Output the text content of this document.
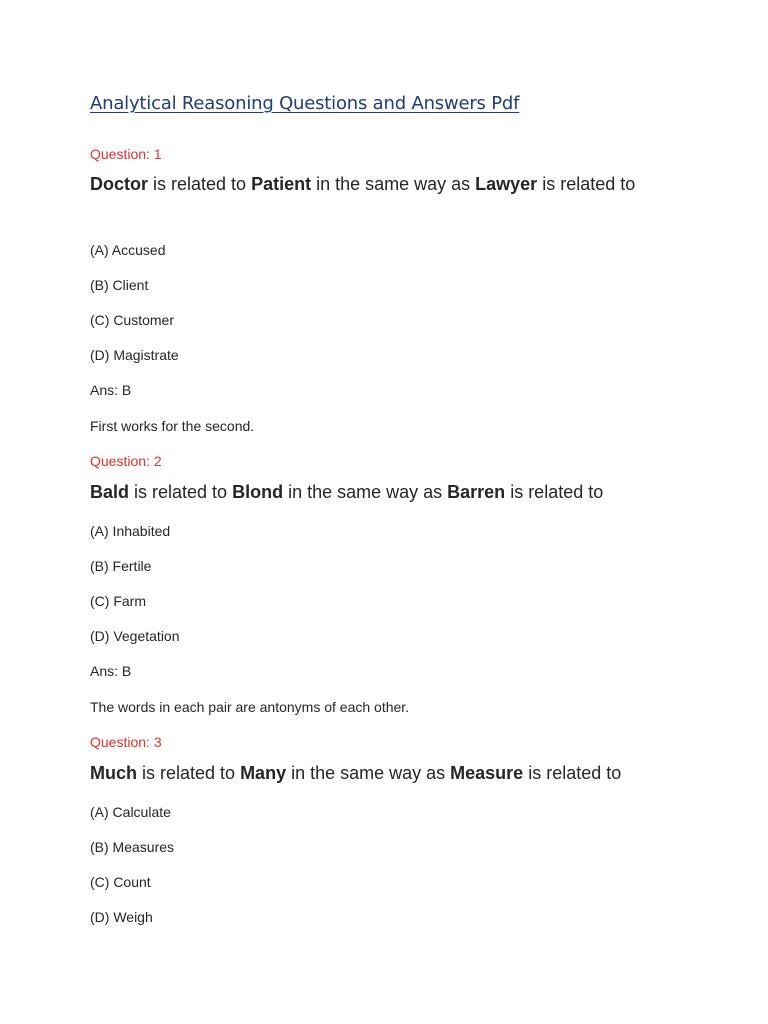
Analytical Reasoning Questions and Answers Pdf
Question: 1
Doctor is related to Patient in the same way as Lawyer is related to
(A) Accused
(B) Client
(C) Customer
(D) Magistrate
Ans: B
First works for the second.
Question: 2
Bald is related to Blond in the same way as Barren is related to
(A) Inhabited
(B) Fertile
(C) Farm
(D) Vegetation
Ans: B
The words in each pair are antonyms of each other.
Question: 3
Much is related to Many in the same way as Measure is related to
(A) Calculate
(B) Measures
(C) Count
(D) Weigh
